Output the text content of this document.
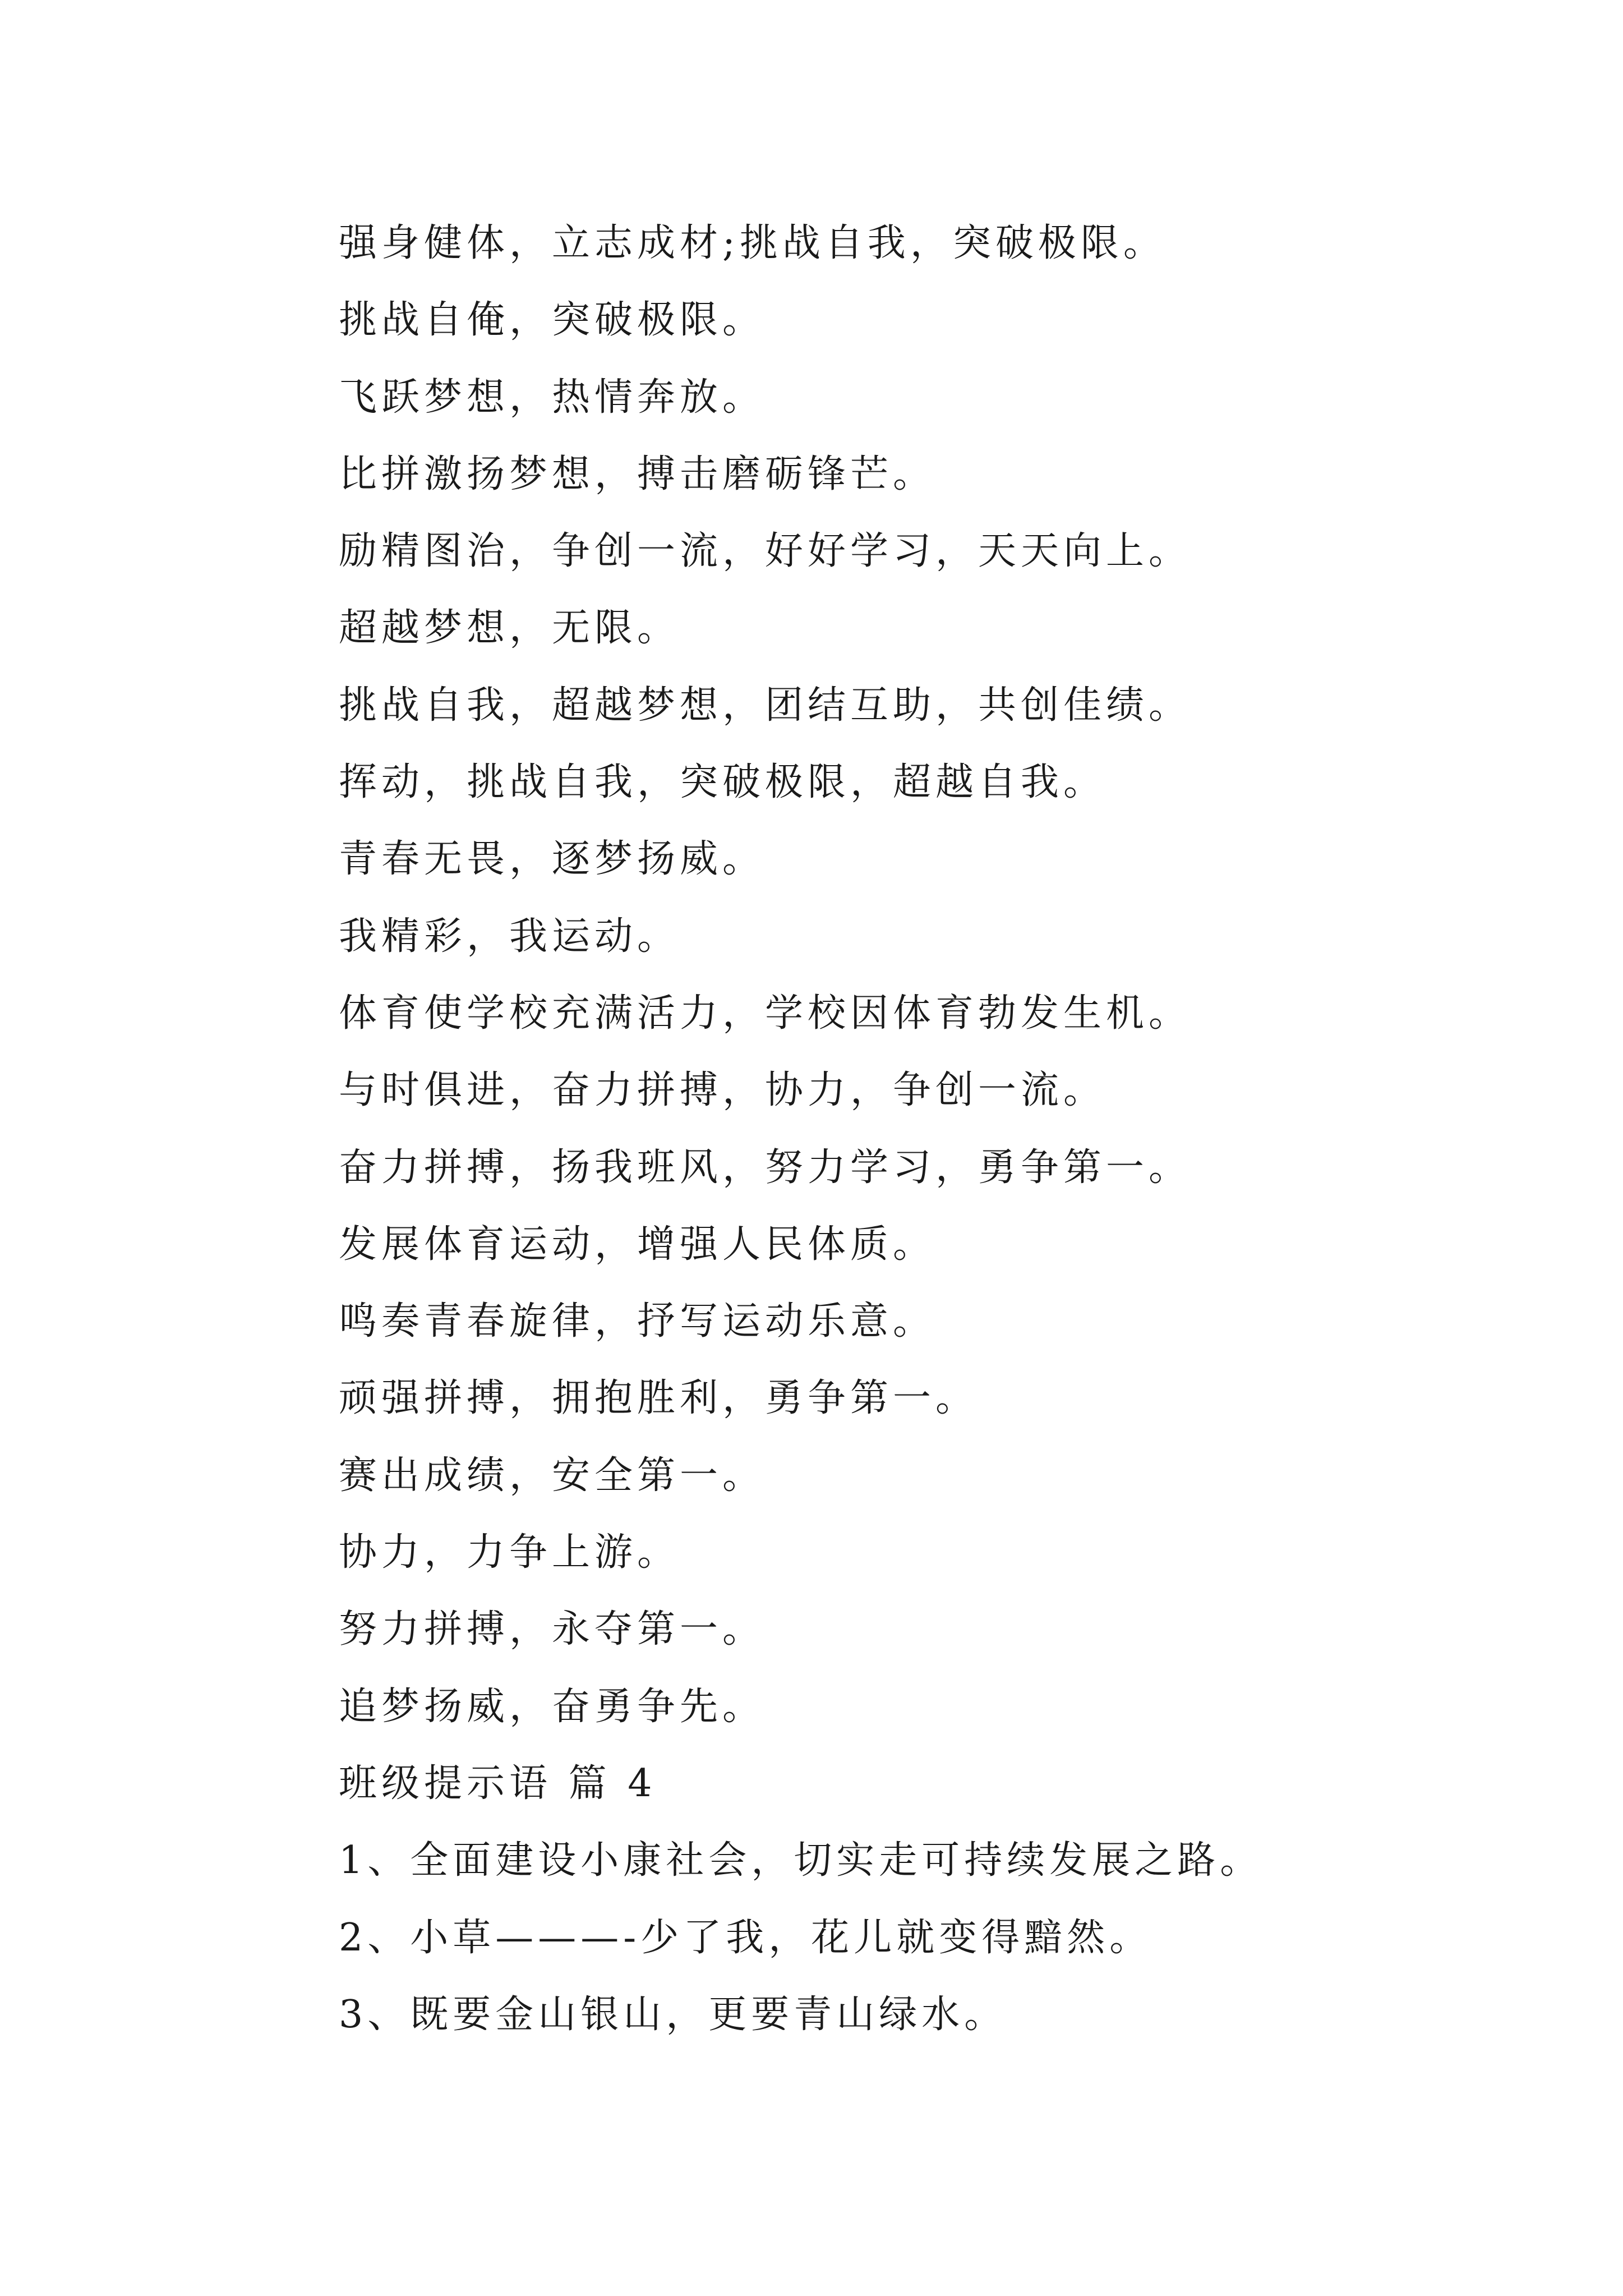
强身健体，立志成材;挑战自我，突破极限。
挑战自俺，突破极限。
飞跃梦想，热情奔放。
比拼激扬梦想，搏击磨砺锋芒。
励精图治，争创一流，好好学习，天天向上。
超越梦想，无限。
挑战自我，超越梦想，团结互助，共创佳绩。
挥动，挑战自我，突破极限，超越自我。
青春无畏，逐梦扬威。
我精彩，我运动。
体育使学校充满活力，学校因体育勃发生机。
与时俱进，奋力拼搏，协力，争创一流。
奋力拼搏，扬我班风，努力学习，勇争第一。
发展体育运动，增强人民体质。
鸣奏青春旋律，抒写运动乐意。
顽强拼搏，拥抱胜利，勇争第一。
赛出成绩，安全第一。
协力，力争上游。
努力拼搏，永夺第一。
追梦扬威，奋勇争先。
班级提示语 篇 4
1、全面建设小康社会，切实走可持续发展之路。
2、小草———-少了我，花儿就变得黯然。
3、既要金山银山，更要青山绿水。
